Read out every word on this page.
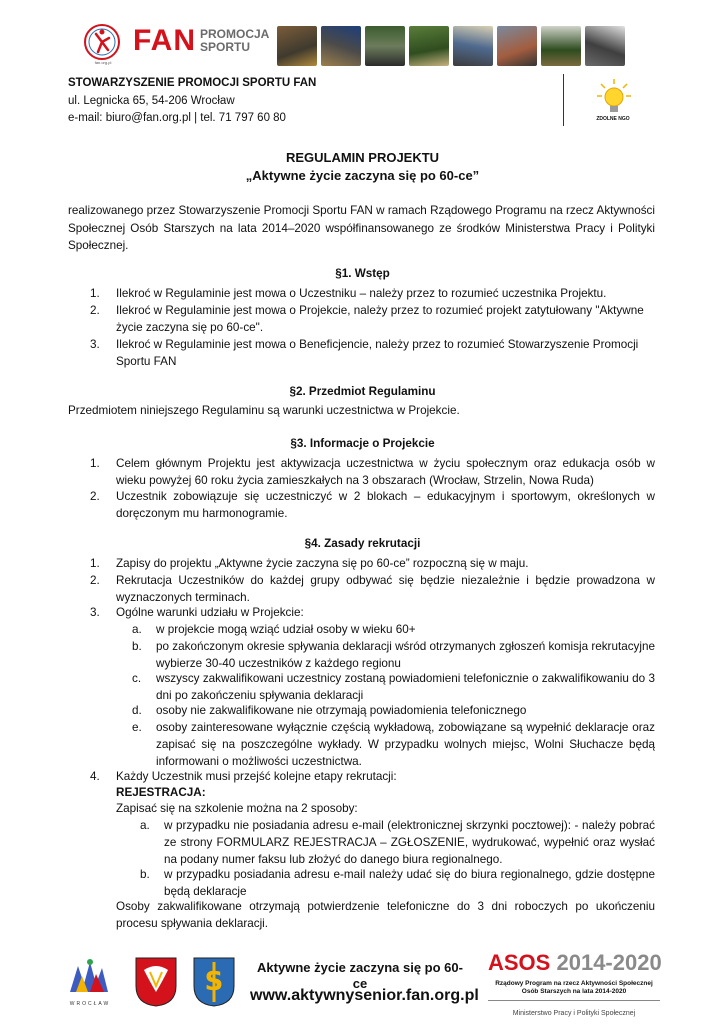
fan.org.pl
FAN PROMOCJA
SPORTU
STOWARZYSZENIE PROMOCJI SPORTU FAN
ul. Legnicka 65, 54-206 Wrocław
e-mail: biuro@fan.org.pl | tel. 71 797 60 80	ZDOLNE NGO
REGULAMIN PROJEKTU
„Aktywne życie zaczyna się po 60-ce”
realizowanego przez Stowarzyszenie Promocji Sportu FAN w ramach Rządowego Programu na rzecz Aktywności Społecznej Osób Starszych na lata 2014–2020 współfinansowanego ze środków Ministerstwa Pracy i Polityki Społecznej.
§1. Wstęp
1. Ilekroć w Regulaminie jest mowa o Uczestniku – należy przez to rozumieć uczestnika Projektu.
2. Ilekroć w Regulaminie jest mowa o Projekcie, należy przez to rozumieć projekt zatytułowany "Aktywne życie zaczyna się po 60-ce".
3. Ilekroć w Regulaminie jest mowa o Beneficjencie, należy przez to rozumieć Stowarzyszenie Promocji Sportu FAN
§2. Przedmiot Regulaminu
Przedmiotem niniejszego Regulaminu są warunki uczestnictwa w Projekcie.
§3. Informacje o Projekcie
1. Celem głównym Projektu jest aktywizacja uczestnictwa w życiu społecznym oraz edukacja osób w wieku powyżej 60 roku życia zamieszkałych na 3 obszarach (Wrocław, Strzelin, Nowa Ruda)
2. Uczestnik zobowiązuje się uczestniczyć w 2 blokach – edukacyjnym i sportowym, określonych w doręczonym mu harmonogramie.
§4. Zasady rekrutacji
1. Zapisy do projektu „Aktywne życie zaczyna się po 60-ce” rozpoczną się w maju.
2. Rekrutacja Uczestników do każdej grupy odbywać się będzie niezależnie i będzie prowadzona w wyznaczonych terminach.
3. Ogólne warunki udziału w Projekcie:
a. w projekcie mogą wziąć udział osoby w wieku 60+
b. po zakończonym okresie spływania deklaracji wśród otrzymanych zgłoszeń komisja rekrutacyjne wybierze 30-40 uczestników z każdego regionu
c. wszyscy zakwalifikowani uczestnicy zostaną powiadomieni telefonicznie o zakwalifikowaniu do 3 dni po zakończeniu spływania deklaracji
d. osoby nie zakwalifikowane nie otrzymają powiadomienia telefonicznego
e. osoby zainteresowane wyłącznie częścią wykładową, zobowiązane są wypełnić deklaracje oraz zapisać się na poszczególne wykłady. W przypadku wolnych miejsc, Wolni Słuchacze będą informowani o możliwości uczestnictwa.
4. Każdy Uczestnik musi przejść kolejne etapy rekrutacji:
REJESTRACJA:
Zapisać się na szkolenie można na 2 sposoby:
a. w przypadku nie posiadania adresu e-mail (elektronicznej skrzynki pocztowej): - należy pobrać ze strony FORMULARZ REJESTRACJA – ZGŁOSZENIE, wydrukować, wypełnić oraz wysłać na podany numer faksu lub złożyć do danego biura regionalnego.
b. w przypadku posiadania adresu e-mail należy udać się do biura regionalnego, gdzie dostępne będą deklaracje
Osoby zakwalifikowane otrzymają potwierdzenie telefoniczne do 3 dni roboczych po ukończeniu procesu spływania deklaracji.
WROCŁAW
S	Aktywne życie zaczyna się po 60-ce
www.aktywnysenior.fan.org.pl
ASOS 2014-2020
Rządowy Program na rzecz Aktywności Społecznej
Osób Starszych na lata 2014-2020
Ministerstwo Pracy i Polityki Społecznej
